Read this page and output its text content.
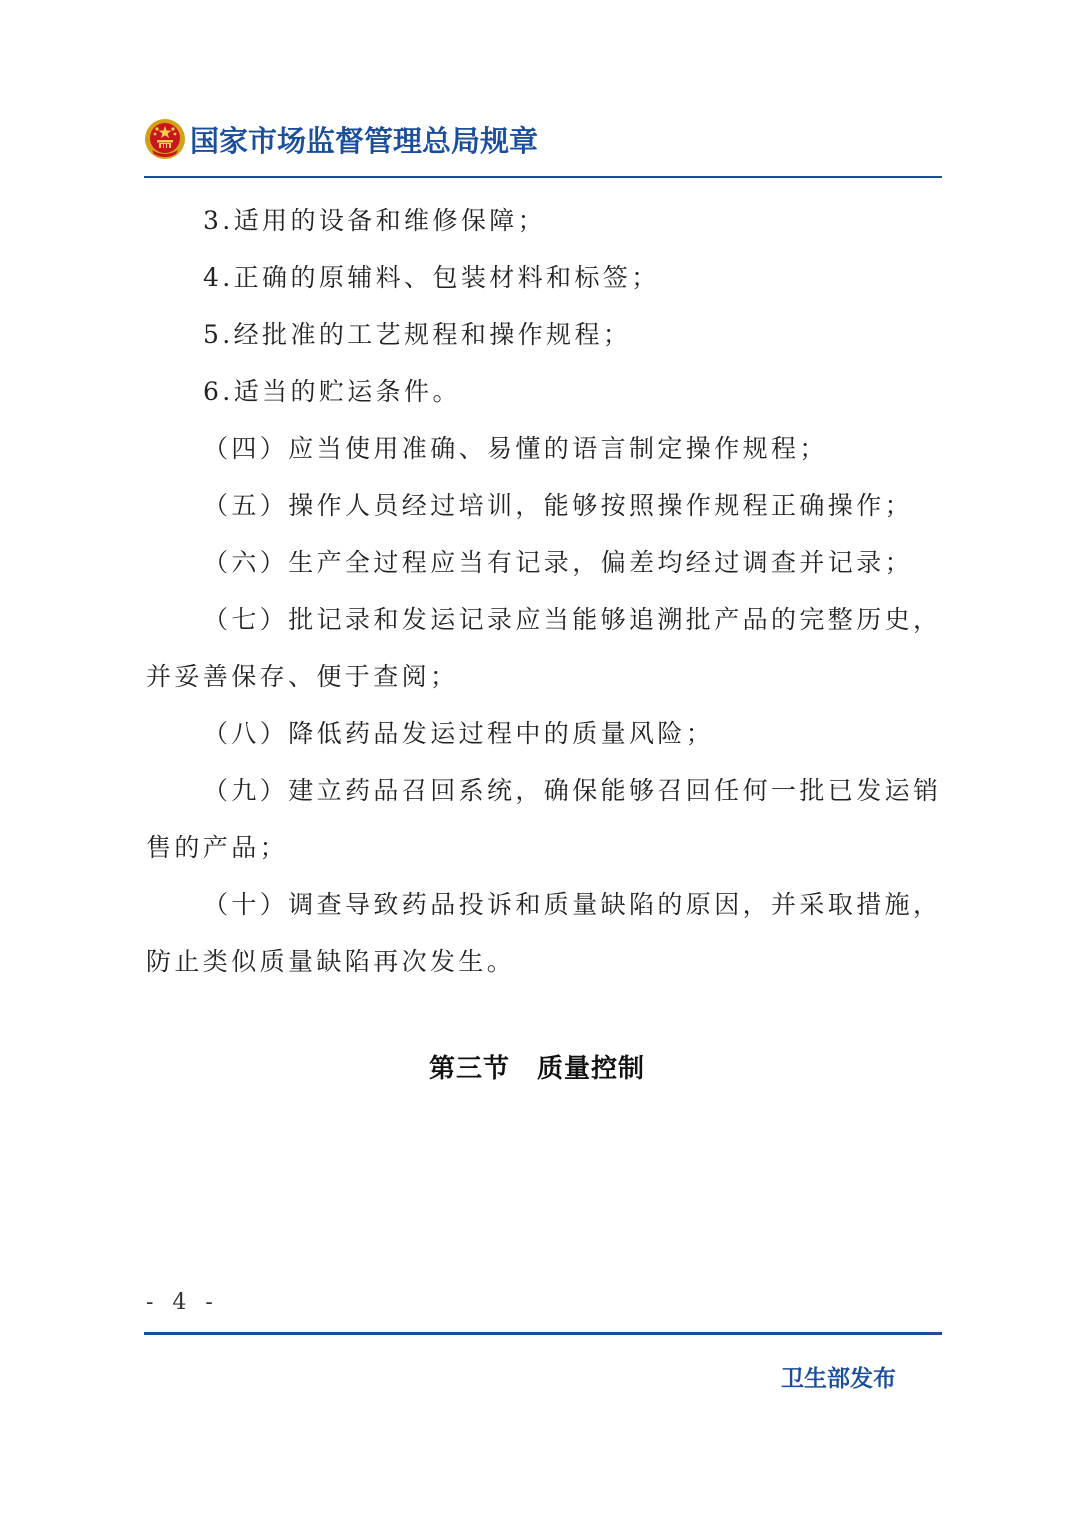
国家市场监督管理总局规章

3.适用的设备和维修保障；

4.正确的原辅料、包装材料和标签；

5.经批准的工艺规程和操作规程；

6.适当的贮运条件。

（四）应当使用准确、易懂的语言制定操作规程；

（五）操作人员经过培训，能够按照操作规程正确操作；

（六）生产全过程应当有记录，偏差均经过调查并记录；

（七）批记录和发运记录应当能够追溯批产品的完整历史，

并妥善保存、便于查阅；

（八）降低药品发运过程中的质量风险；

（九）建立药品召回系统，确保能够召回任何一批已发运销

售的产品；

（十）调查导致药品投诉和质量缺陷的原因，并采取措施，

防止类似质量缺陷再次发生。

第三节　质量控制
- 4 -
卫生部发布
